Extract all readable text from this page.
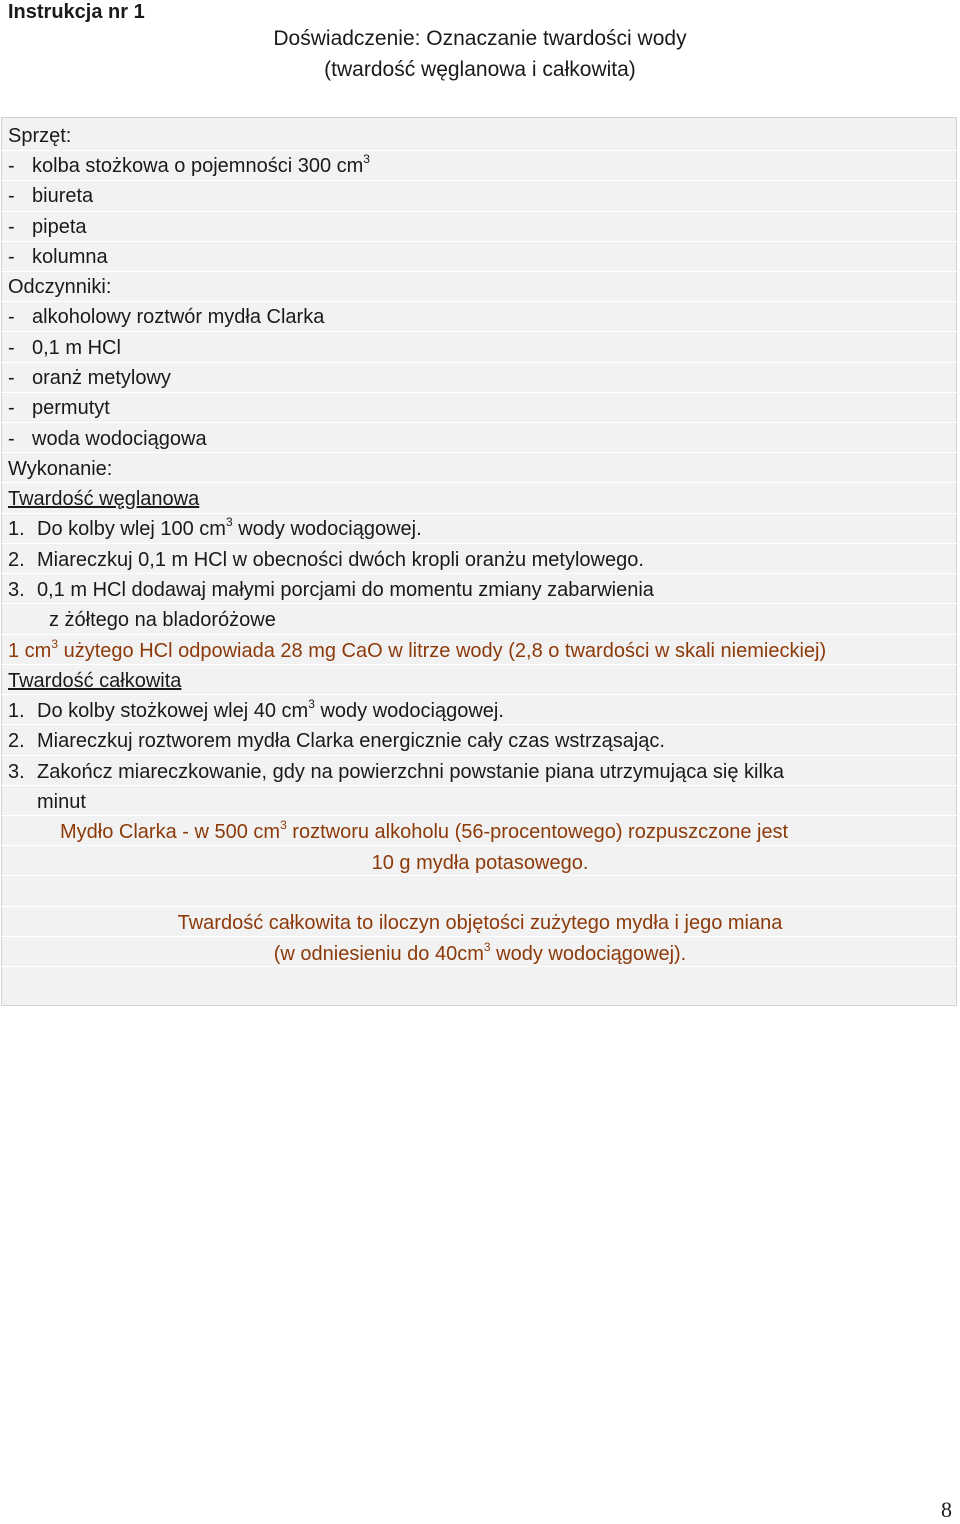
Instrukcja nr 1
Doświadczenie: Oznaczanie twardości wody
(twardość węglanowa i całkowita)
Sprzęt:
- kolba stożkowa o pojemności 300 $cm^3$
- biureta
- pipeta
- kolumna
Odczynniki:
- alkoholowy roztwór mydła Clarka
- 0,1 m HCl
- oranż metylowy
- permutyt
- woda wodociągowa
Wykonanie:
Twardość węglanowa
1. Do kolby wlej 100 $cm^3$ wody wodociągowej.
2. Miareczkuj 0,1 m HCl w obecności dwóch kropli oranżu metylowego.
3. 0,1 m HCl dodawaj małymi porcjami do momentu zmiany zabarwienia
z żółtego na bladoróżowe
1 $cm^3$ użytego HCl odpowiada 28 mg CaO w litrze wody (2,8 o twardości w skali niemieckiej)
Twardość całkowita
1. Do kolby stożkowej wlej 40 $cm^3$ wody wodociągowej.
2. Miareczkuj roztworem mydła Clarka energicznie cały czas wstrząsając.
3. Zakończ miareczkowanie, gdy na powierzchni powstanie piana utrzymująca się kilka
minut
Mydło Clarka - w 500 $cm^3$ roztworu alkoholu (56-procentowego) rozpuszczone jest
10 g mydła potasowego.
Twardość całkowita to iloczyn objętości zużytego mydła i jego miana
(w odniesieniu do $40cm^3$ wody wodociągowej).
8
